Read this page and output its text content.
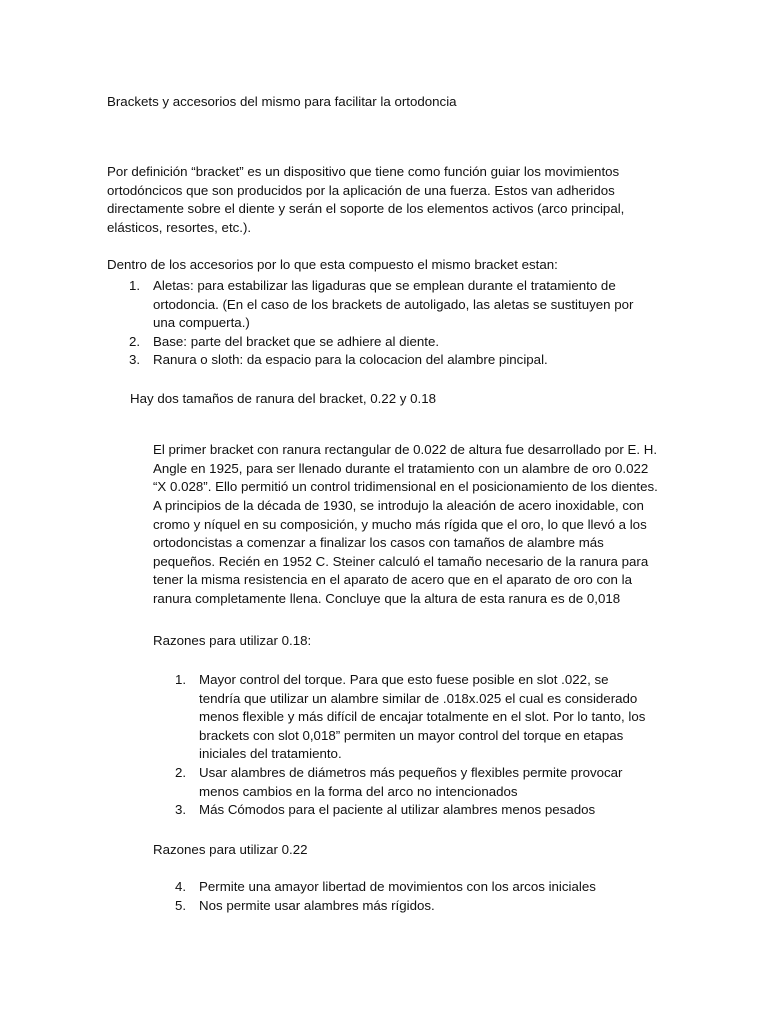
Brackets y accesorios del mismo para facilitar la ortodoncia

Por definición “bracket” es un dispositivo que tiene como función guiar los movimientos ortodóncicos que son producidos por la aplicación de una fuerza. Estos van adheridos directamente sobre el diente y serán el soporte de los elementos activos (arco principal, elásticos, resortes, etc.).

Dentro de los accesorios por lo que esta compuesto el mismo bracket estan:

1. Aletas: para estabilizar las ligaduras que se emplean durante el tratamiento de ortodoncia. (En el caso de los brackets de autoligado, las aletas se sustituyen por una compuerta.)
2. Base: parte del bracket que se adhiere al diente.
3. Ranura o sloth: da espacio para la colocacion del alambre pincipal.
Hay dos tamaños de ranura del bracket, 0.22 y 0.18

El primer bracket con ranura rectangular de 0.022 de altura fue desarrollado por E. H. Angle en 1925, para ser llenado durante el tratamiento con un alambre de oro 0.022 “X 0.028”. Ello permitió un control tridimensional en el posicionamiento de los dientes. A principios de la década de 1930, se introdujo la aleación de acero inoxidable, con cromo y níquel en su composición, y mucho más rígida que el oro, lo que llevó a los ortodoncistas a comenzar a finalizar los casos con tamaños de alambre más pequeños. Recién en 1952 C. Steiner calculó el tamaño necesario de la ranura para tener la misma resistencia en el aparato de acero que en el aparato de oro con la ranura completamente llena. Concluye que la altura de esta ranura es de 0,018

Razones para utilizar 0.18:
1. Mayor control del torque. Para que esto fuese posible en slot .022, se tendría que utilizar un alambre similar de .018x.025 el cual es considerado menos flexible y más difícil de encajar totalmente en el slot. Por lo tanto, los brackets con slot 0,018” permiten un mayor control del torque en etapas iniciales del tratamiento.
2. Usar alambres de diámetros más pequeños y flexibles permite provocar menos cambios en la forma del arco no intencionados
3. Más Cómodos para el paciente al utilizar alambres menos pesados
Razones para utilizar 0.22
4. Permite una amayor libertad de movimientos con los arcos iniciales
5. Nos permite usar alambres más rígidos.
